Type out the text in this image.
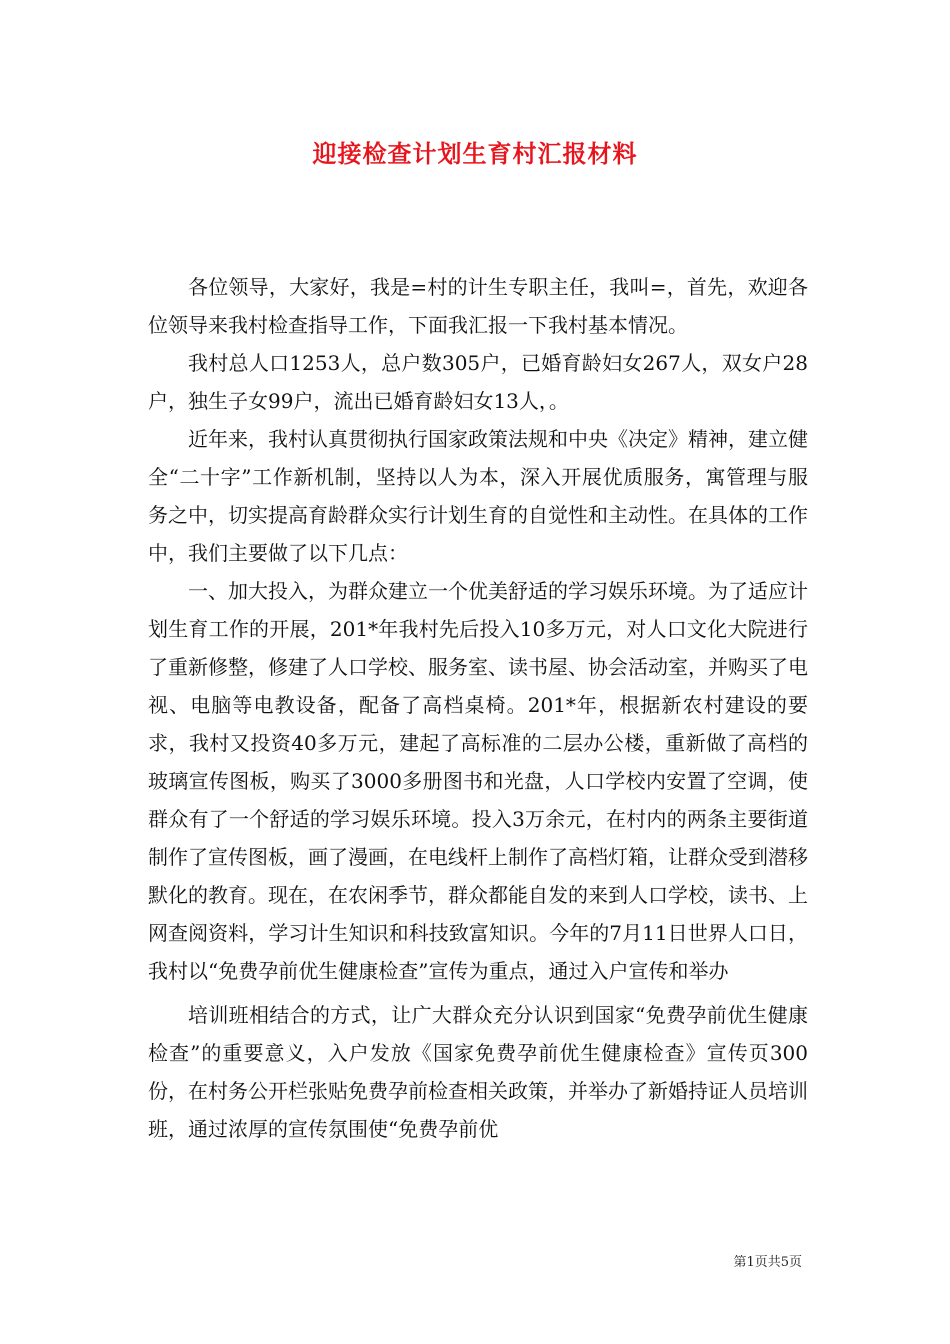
迎接检查计划生育村汇报材料

各位领导，大家好，我是=村的计生专职主任，我叫=，首先，欢迎各位领导来我村检查指导工作，下面我汇报一下我村基本情况。

我村总人口1253人，总户数305户，已婚育龄妇女267人，双女户28户，独生子女99户，流出已婚育龄妇女13人，。

近年来，我村认真贯彻执行国家政策法规和中央《决定》精神，建立健全“二十字”工作新机制，坚持以人为本，深入开展优质服务，寓管理与服务之中，切实提高育龄群众实行计划生育的自觉性和主动性。在具体的工作中，我们主要做了以下几点：

一、加大投入，为群众建立一个优美舒适的学习娱乐环境。为了适应计划生育工作的开展，201*年我村先后投入10多万元，对人口文化大院进行了重新修整，修建了人口学校、服务室、读书屋、协会活动室，并购买了电视、电脑等电教设备，配备了高档桌椅。201*年，根据新农村建设的要求，我村又投资40多万元，建起了高标准的二层办公楼，重新做了高档的玻璃宣传图板，购买了3000多册图书和光盘，人口学校内安置了空调，使群众有了一个舒适的学习娱乐环境。投入3万余元，在村内的两条主要街道制作了宣传图板，画了漫画，在电线杆上制作了高档灯箱，让群众受到潜移默化的教育。现在，在农闲季节，群众都能自发的来到人口学校，读书、上网查阅资料，学习计生知识和科技致富知识。今年的7月11日世界人口日，我村以“免费孕前优生健康检查”宣传为重点，通过入户宣传和举办

培训班相结合的方式，让广大群众充分认识到国家“免费孕前优生健康检查”的重要意义，入户发放《国家免费孕前优生健康检查》宣传页300份，在村务公开栏张贴免费孕前检查相关政策，并举办了新婚持证人员培训班，通过浓厚的宣传氛围使“免费孕前优

第1页共5页
